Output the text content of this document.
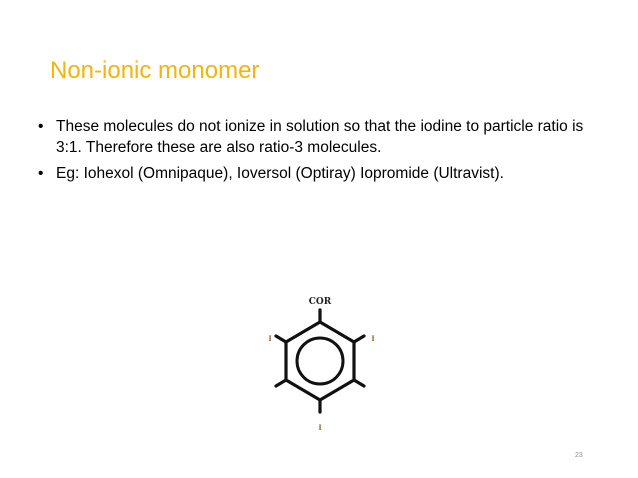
Non-ionic monomer
• These molecules do not ionize in solution so that the iodine to particle ratio is 3:1. Therefore these are also ratio-3 molecules.
• Eg: Iohexol (Omnipaque), Ioversol (Optiray) Iopromide (Ultravist).
COR
I	I
I
23
